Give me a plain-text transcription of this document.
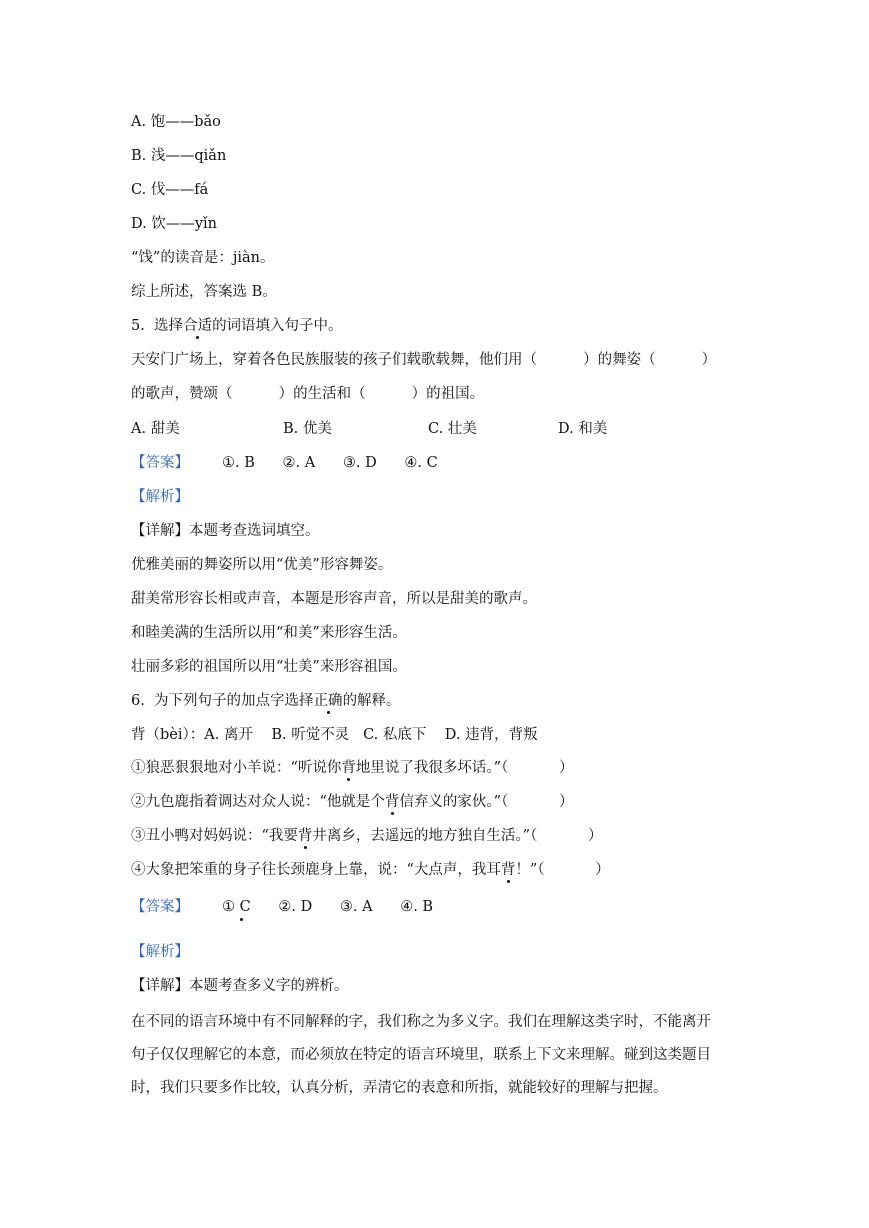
A. 饱——bǎo
B. 浅——qiǎn
C. 伐——fá
D. 饮——yǐn
“饯”的读音是：jiàn。
综上所述，答案选 B。
5.  选择合适的词语填入句子中。
天安门广场上，穿着各色民族服装的孩子们载歌载舞，他们用（          ）的舞姿（          ）
的歌声，赞颂（          ）的生活和（          ）的祖国。
A. 甜美	B. 优美	C. 壮美	D. 和美
【答案】 ①. B      ②. A      ③. D      ④. C
【解析】
【详解】本题考查选词填空。
优雅美丽的舞姿所以用“优美”形容舞姿。
甜美常形容长相或声音，本题是形容声音，所以是甜美的歌声。
和睦美满的生活所以用“和美”来形容生活。
壮丽多彩的祖国所以用“壮美”来形容祖国。
6.  为下列句子的加点字选择正确的解释。
背（bèi）：A. 离开    B. 听觉不灵   C. 私底下    D. 违背，背叛
①狼恶狠狠地对小羊说：“听说你背地里说了我很多坏话。”（           ）
②九色鹿指着调达对众人说：“他就是个背信弃义的家伙。”（           ）
③丑小鸭对妈妈说：“我要背井离乡，去遥远的地方独自生活。”（           ）
④大象把笨重的身子往长颈鹿身上靠，说：“大点声，我耳背！”（           ）
【答案】 ① C      ②. D      ③. A      ④. B
【解析】
【详解】本题考查多义字的辨析。
在不同的语言环境中有不同解释的字，我们称之为多义字。我们在理解这类字时，不能离开
句子仅仅理解它的本意，而必须放在特定的语言环境里，联系上下文来理解。碰到这类题目
时，我们只要多作比较，认真分析，弄清它的表意和所指，就能较好的理解与把握。
